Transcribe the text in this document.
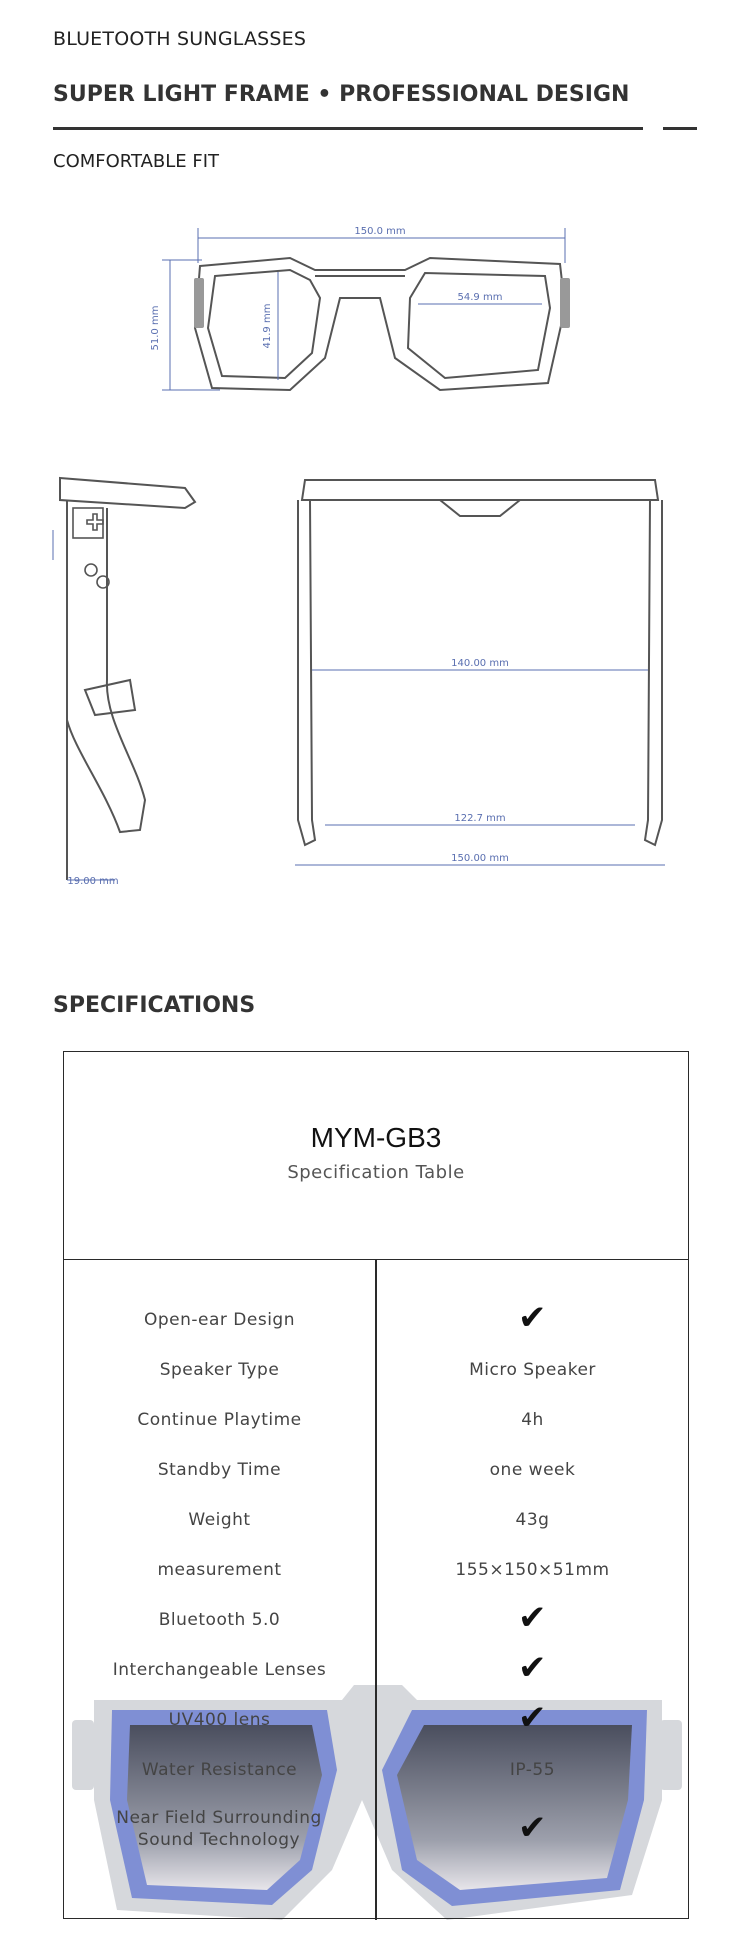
BLUETOOTH SUNGLASSES
SUPER LIGHT FRAME • PROFESSIONAL DESIGN
COMFORTABLE FIT
150.0 mm
51.0 mm	41.9 mm
54.9 mm
19.00 mm
140.00 mm
122.7 mm
150.00 mm
SPECIFICATIONS
MYM-GB3
Specification Table
Open-ear Design	✔
Speaker Type	Micro Speaker
Continue Playtime	4h
Standby Time	one week
Weight	43g
measurement	155×150×51mm
Bluetooth 5.0	✔
Interchangeable Lenses	✔
UV400 lens	✔
Water Resistance	IP-55
Near Field Surrounding Sound Technology	✔
